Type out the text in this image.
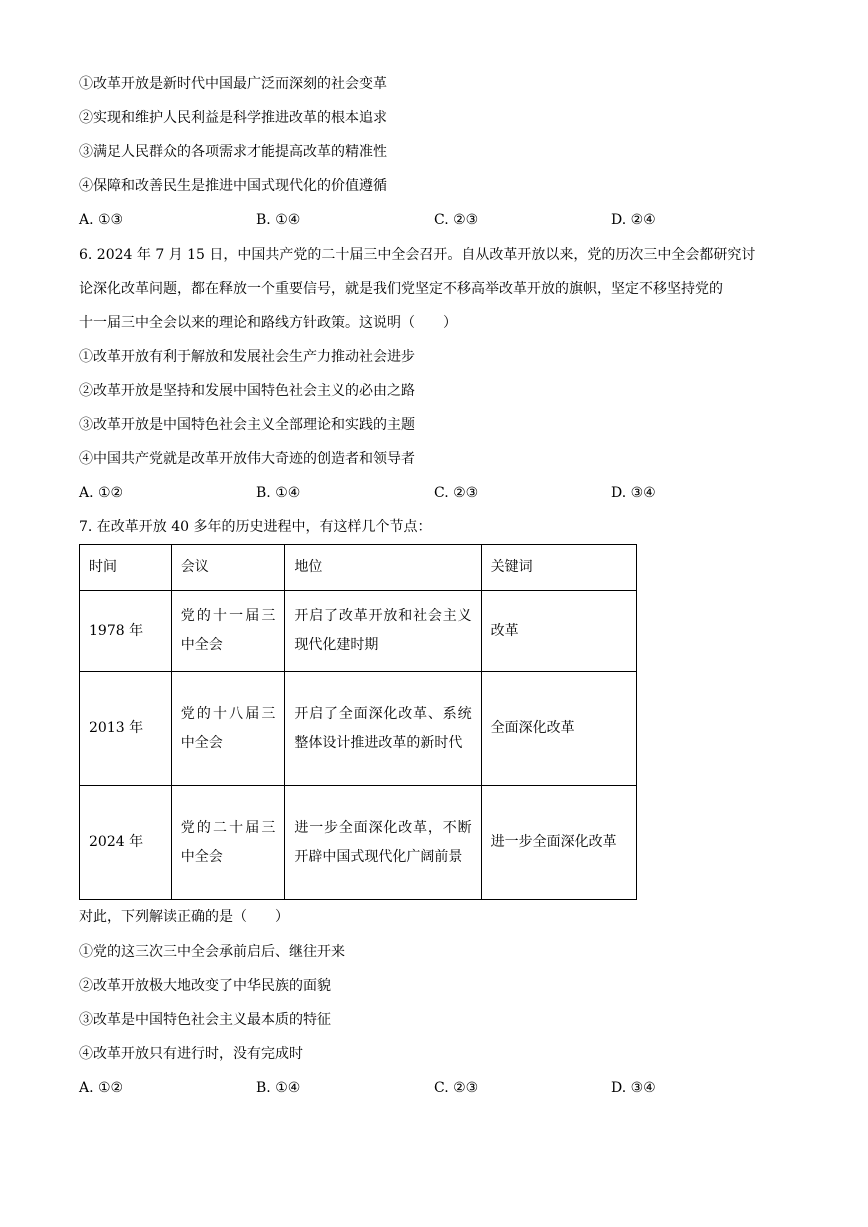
①改革开放是新时代中国最广泛而深刻的社会变革
②实现和维护人民利益是科学推进改革的根本追求
③满足人民群众的各项需求才能提高改革的精准性
④保障和改善民生是推进中国式现代化的价值遵循
A. ①③	B. ①④	C. ②③	D. ②④
6. 2024 年 7 月 15 日，中国共产党的二十届三中全会召开。自从改革开放以来，党的历次三中全会都研究讨
论深化改革问题，都在释放一个重要信号，就是我们党坚定不移高举改革开放的旗帜，坚定不移坚持党的
十一届三中全会以来的理论和路线方针政策。这说明（　　）
①改革开放有利于解放和发展社会生产力推动社会进步
②改革开放是坚持和发展中国特色社会主义的必由之路
③改革开放是中国特色社会主义全部理论和实践的主题
④中国共产党就是改革开放伟大奇迹的创造者和领导者
A. ①②	B. ①④	C. ②③	D. ③④
7. 在改革开放 40 多年的历史进程中，有这样几个节点：
时间	会议	地位	关键词
1978 年	党的十一届三中全会	开启了改革开放和社会主义现代化建时期	改革
2013 年	党的十八届三中全会	开启了全面深化改革、系统整体设计推进改革的新时代	全面深化改革
2024 年	党的二十届三中全会	进一步全面深化改革，不断开辟中国式现代化广阔前景	进一步全面深化改革
对此，下列解读正确的是（　　）
①党的这三次三中全会承前启后、继往开来
②改革开放极大地改变了中华民族的面貌
③改革是中国特色社会主义最本质的特征
④改革开放只有进行时，没有完成时
A. ①②	B. ①④	C. ②③	D. ③④
